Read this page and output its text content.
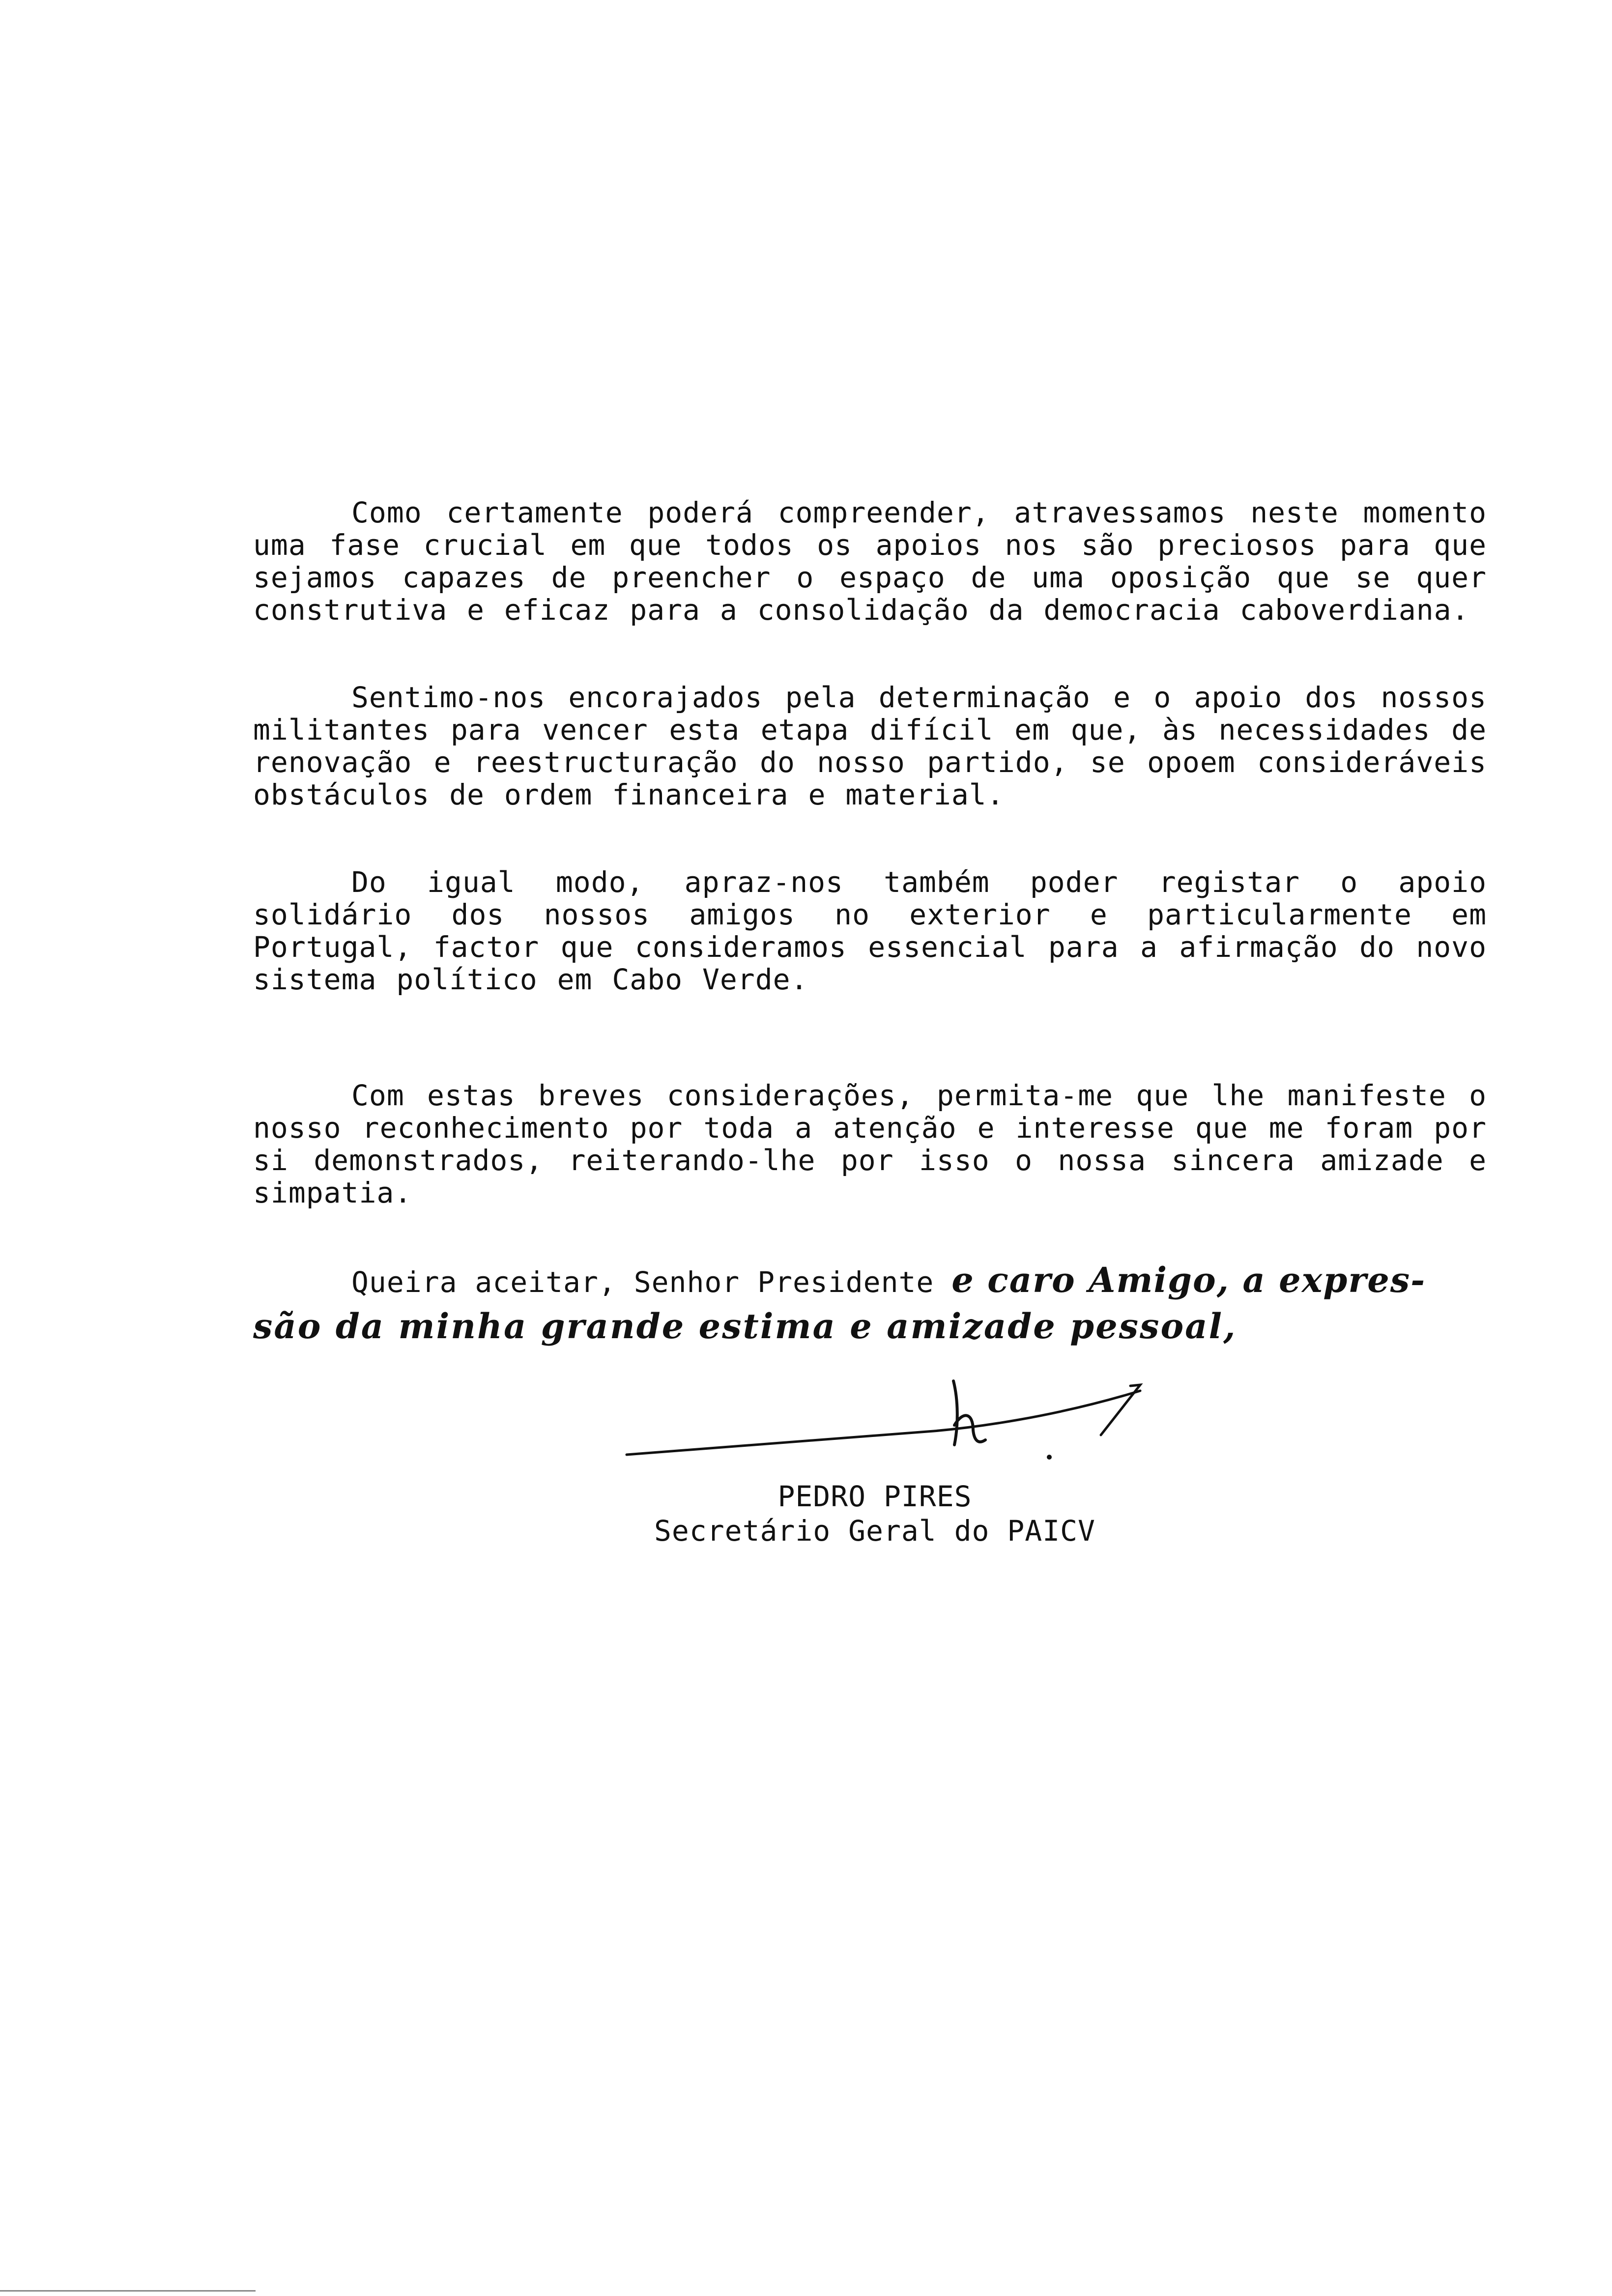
Como certamente poderá compreender, atravessamos neste momento uma fase crucial em que todos os apoios nos são preciosos para que sejamos capazes de preencher o espaço de uma oposição que se quer construtiva e eficaz para a consolidação da democracia caboverdiana.

Sentimo-nos encorajados pela determinação e o apoio dos nossos militantes para vencer esta etapa difícil em que, às necessidades de renovação e reestructuração do nosso partido, se opoem consideráveis obstáculos de ordem financeira e material.

Do igual modo, apraz-nos também poder registar o apoio solidário dos nossos amigos no exterior e particularmente em Portugal, factor que consideramos essencial para a afirmação do novo sistema político em Cabo Verde.

Com estas breves considerações, permita-me que lhe manifeste o nosso reconhecimento por toda a atenção e interesse que me foram por si demonstrados, reiterando-lhe por isso o nossa sincera amizade e simpatia.

Queira aceitar, Senhor Presidente e caro Amigo, a expres-
são da minha grande estima e amizade pessoal,

PEDRO PIRES
Secretário Geral do PAICV
